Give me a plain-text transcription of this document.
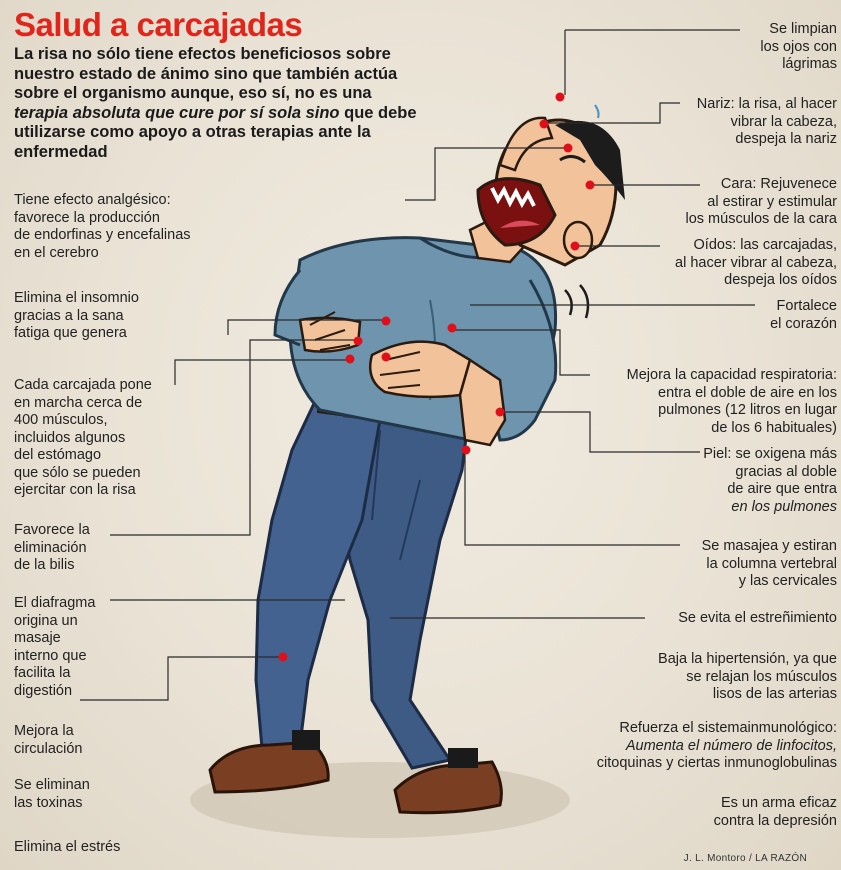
Salud a carcajadas
La risa no sólo tiene efectos beneficiosos sobre nuestro estado de ánimo sino que también actúa sobre el organismo aunque, eso sí, no es una terapia absoluta que cure por sí sola sino que debe utilizarse como apoyo a otras terapias ante la enfermedad
Tiene efecto analgésico:
favorece la producción
de endorfinas y encefalinas
en el cerebro
Elimina el insomnio
gracias a la sana
fatiga que genera
Cada carcajada pone
en marcha cerca de
400 músculos,
incluidos algunos
del estómago
que sólo se pueden
ejercitar con la risa
Favorece la
eliminación
de la bilis
El diafragma
origina un
masaje
interno que
facilita la
digestión
Mejora la
circulación
Se eliminan
las toxinas
Elimina el estrés
Se limpian
los ojos con
lágrimas
Nariz: la risa, al hacer
vibrar la cabeza,
despeja la nariz
Cara: Rejuvenece
al estirar y estimular
los músculos de la cara
Oídos: las carcajadas,
al hacer vibrar al cabeza,
despeja los oídos
Fortalece
el corazón
Mejora la capacidad respiratoria:
entra el doble de aire en los
pulmones (12 litros en lugar
de los 6 habituales)
Piel: se oxigena más
gracias al doble
de aire que entra
en los pulmones
Se masajea y estiran
la columna vertebral
y las cervicales
Se evita el estreñimiento
Baja la hipertensión, ya que
se relajan los músculos
lisos de las arterias
Refuerza el sistemainmunológico:
Aumenta el número de linfocitos,
citoquinas y ciertas inmunoglobulinas
Es un arma eficaz
contra la depresión
J. L. Montoro / LA RAZÓN
